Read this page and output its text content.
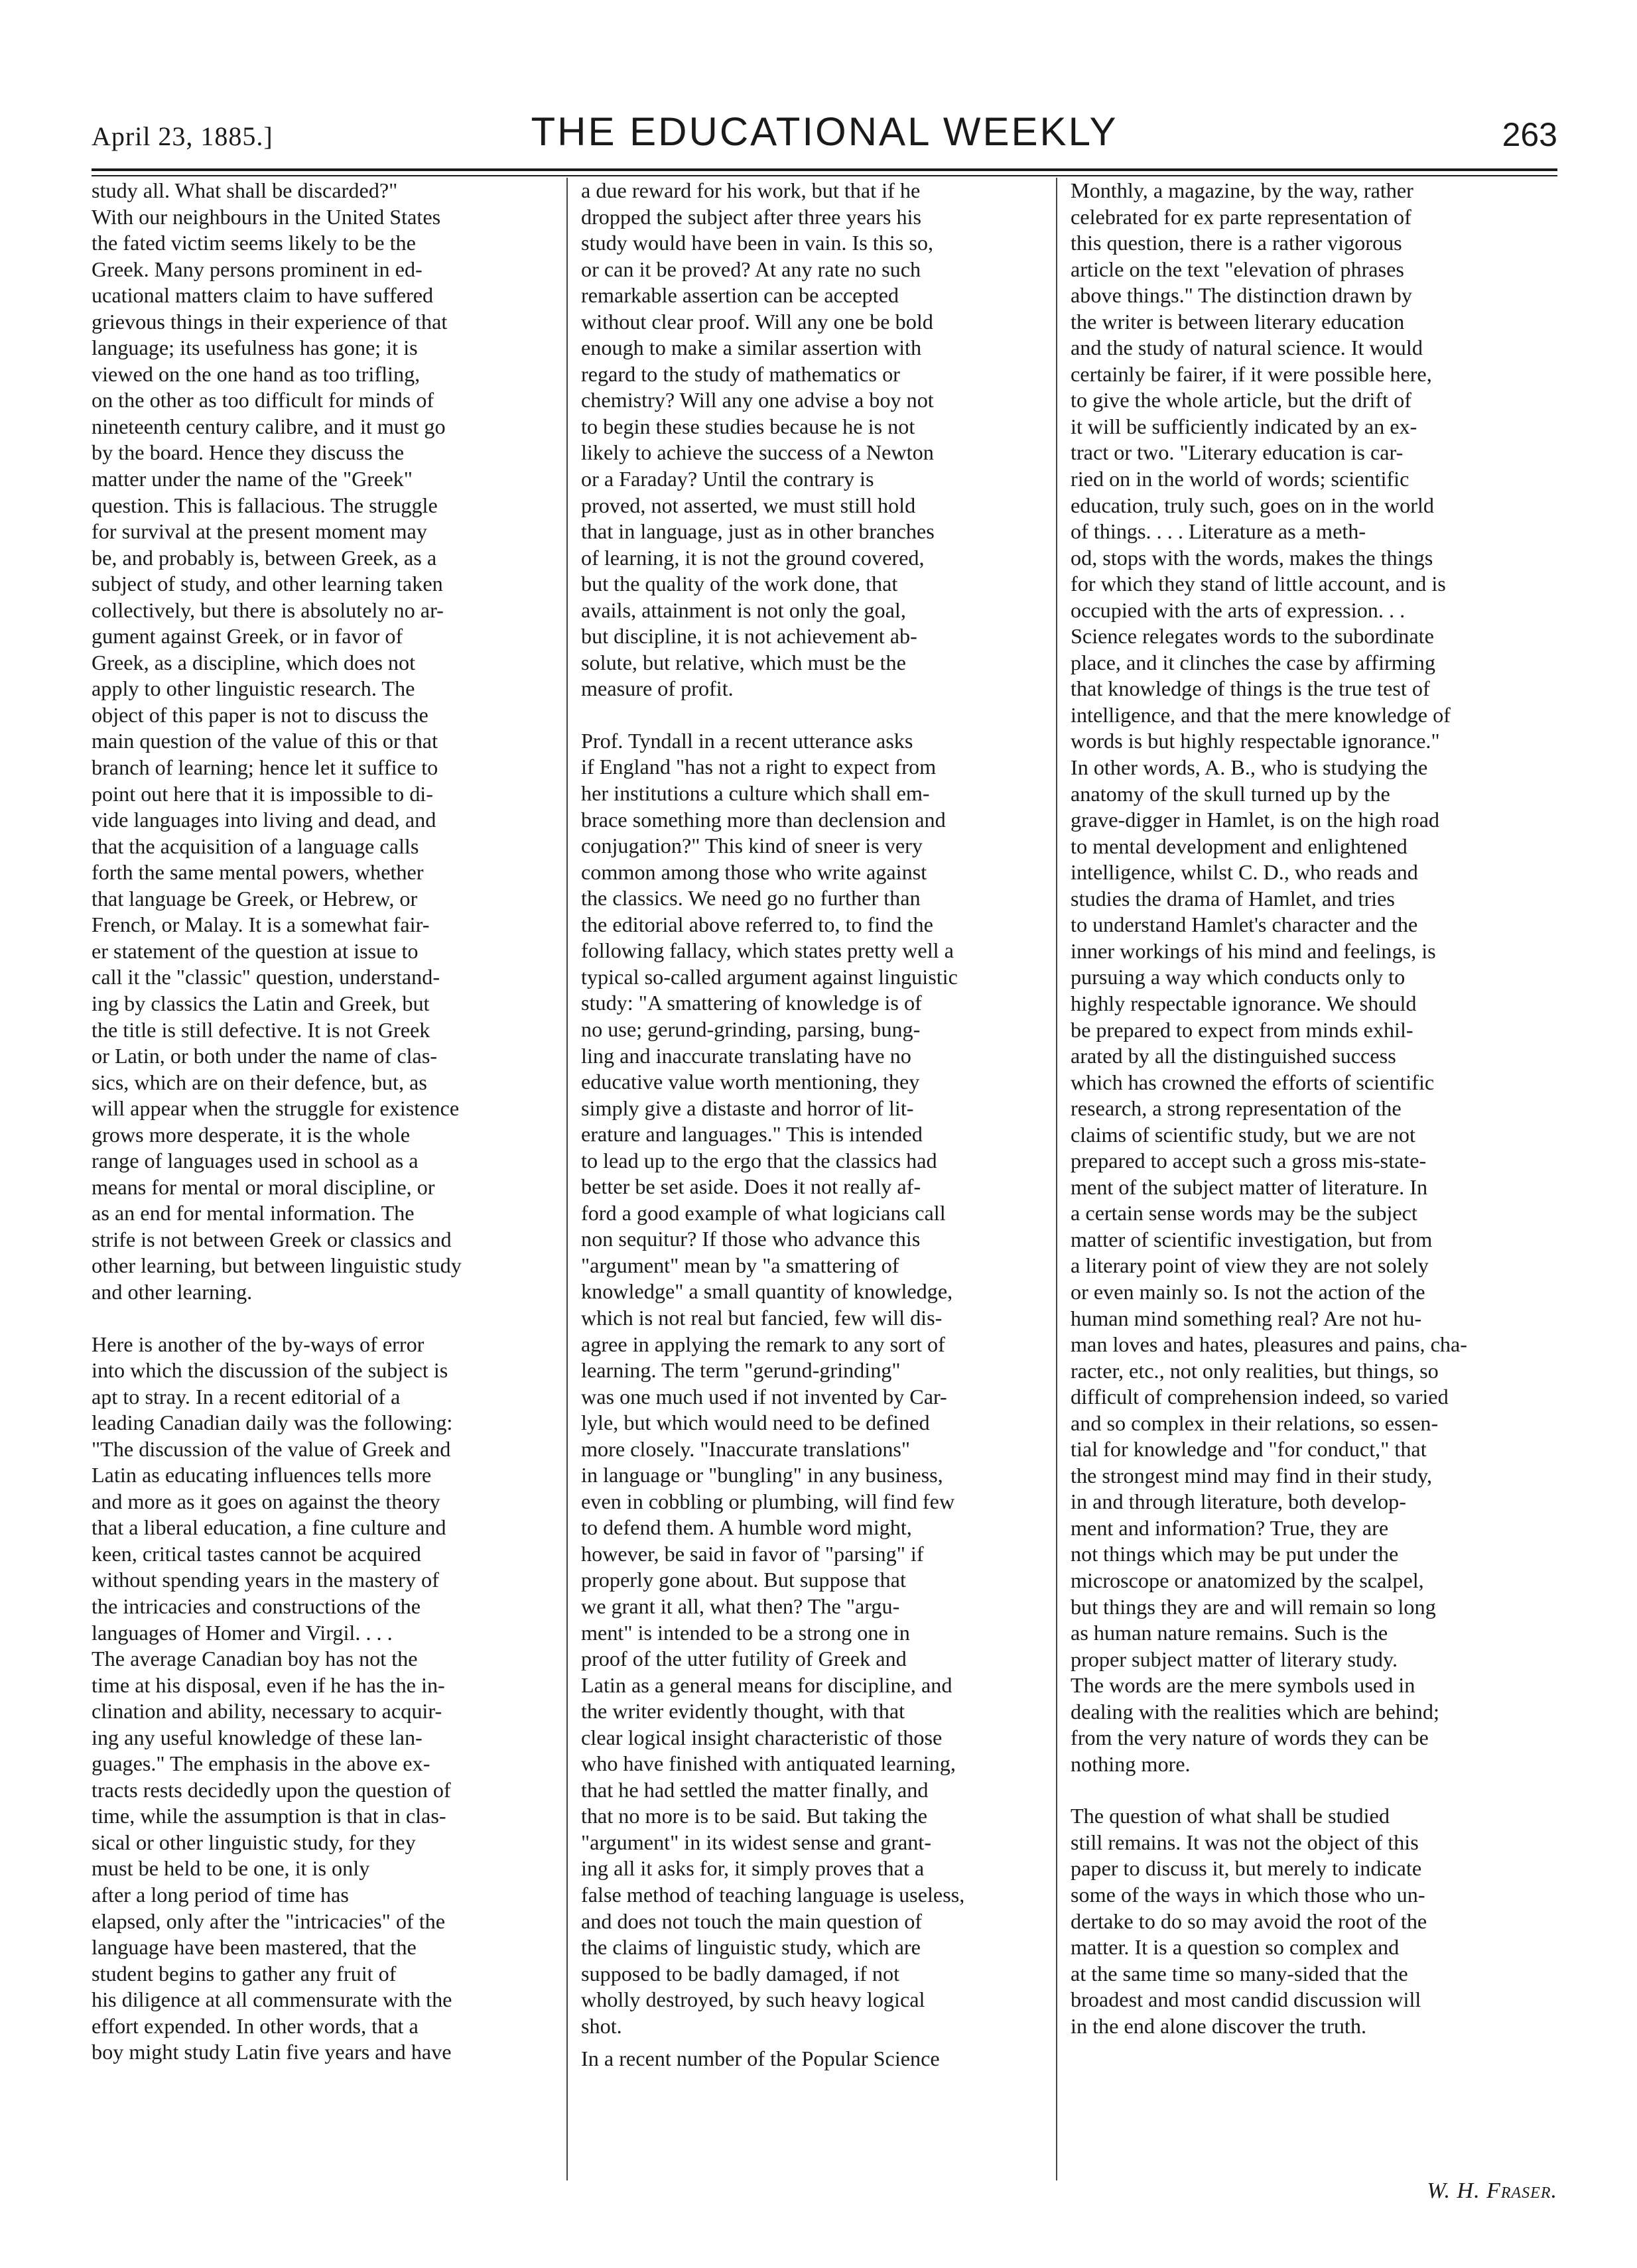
April 23, 1885.]	THE EDUCATIONAL WEEKLY	263

study all. What shall be discarded?"
With our neighbours in the United States
the fated victim seems likely to be the
Greek. Many persons prominent in ed-
ucational matters claim to have suffered
grievous things in their experience of that
language; its usefulness has gone; it is
viewed on the one hand as too trifling,
on the other as too difficult for minds of
nineteenth century calibre, and it must go
by the board. Hence they discuss the
matter under the name of the "Greek"
question. This is fallacious. The struggle
for survival at the present moment may
be, and probably is, between Greek, as a
subject of study, and other learning taken
collectively, but there is absolutely no ar-
gument against Greek, or in favor of
Greek, as a discipline, which does not
apply to other linguistic research. The
object of this paper is not to discuss the
main question of the value of this or that
branch of learning; hence let it suffice to
point out here that it is impossible to di-
vide languages into living and dead, and
that the acquisition of a language calls
forth the same mental powers, whether
that language be Greek, or Hebrew, or
French, or Malay. It is a somewhat fair-
er statement of the question at issue to
call it the "classic" question, understand-
ing by classics the Latin and Greek, but
the title is still defective. It is not Greek
or Latin, or both under the name of clas-
sics, which are on their defence, but, as
will appear when the struggle for existence
grows more desperate, it is the whole
range of languages used in school as a
means for mental or moral discipline, or
as an end for mental information. The
strife is not between Greek or classics and
other learning, but between linguistic study
and other learning.

Here is another of the by-ways of error
into which the discussion of the subject is
apt to stray. In a recent editorial of a
leading Canadian daily was the following:
"The discussion of the value of Greek and
Latin as educating influences tells more
and more as it goes on against the theory
that a liberal education, a fine culture and
keen, critical tastes cannot be acquired
without spending years in the mastery of
the intricacies and constructions of the
languages of Homer and Virgil. . . .
The average Canadian boy has not the
time at his disposal, even if he has the in-
clination and ability, necessary to acquir-
ing any useful knowledge of these lan-
guages." The emphasis in the above ex-
tracts rests decidedly upon the question of
time, while the assumption is that in clas-
sical or other linguistic study, for they
must be held to be one, it is only
after a long period of time has
elapsed, only after the "intricacies" of the
language have been mastered, that the
student begins to gather any fruit of
his diligence at all commensurate with the
effort expended. In other words, that a
boy might study Latin five years and have

a due reward for his work, but that if he
dropped the subject after three years his
study would have been in vain. Is this so,
or can it be proved? At any rate no such
remarkable assertion can be accepted
without clear proof. Will any one be bold
enough to make a similar assertion with
regard to the study of mathematics or
chemistry? Will any one advise a boy not
to begin these studies because he is not
likely to achieve the success of a Newton
or a Faraday? Until the contrary is
proved, not asserted, we must still hold
that in language, just as in other branches
of learning, it is not the ground covered,
but the quality of the work done, that
avails, attainment is not only the goal,
but discipline, it is not achievement ab-
solute, but relative, which must be the
measure of profit.

Prof. Tyndall in a recent utterance asks
if England "has not a right to expect from
her institutions a culture which shall em-
brace something more than declension and
conjugation?" This kind of sneer is very
common among those who write against
the classics. We need go no further than
the editorial above referred to, to find the
following fallacy, which states pretty well a
typical so-called argument against linguistic
study: "A smattering of knowledge is of
no use; gerund-grinding, parsing, bung-
ling and inaccurate translating have no
educative value worth mentioning, they
simply give a distaste and horror of lit-
erature and languages." This is intended
to lead up to the ergo that the classics had
better be set aside. Does it not really af-
ford a good example of what logicians call
non sequitur? If those who advance this
"argument" mean by "a smattering of
knowledge" a small quantity of knowledge,
which is not real but fancied, few will dis-
agree in applying the remark to any sort of
learning. The term "gerund-grinding"
was one much used if not invented by Car-
lyle, but which would need to be defined
more closely. "Inaccurate translations"
in language or "bungling" in any business,
even in cobbling or plumbing, will find few
to defend them. A humble word might,
however, be said in favor of "parsing" if
properly gone about. But suppose that
we grant it all, what then? The "argu-
ment" is intended to be a strong one in
proof of the utter futility of Greek and
Latin as a general means for discipline, and
the writer evidently thought, with that
clear logical insight characteristic of those
who have finished with antiquated learning,
that he had settled the matter finally, and
that no more is to be said. But taking the
"argument" in its widest sense and grant-
ing all it asks for, it simply proves that a
false method of teaching language is useless,
and does not touch the main question of
the claims of linguistic study, which are
supposed to be badly damaged, if not
wholly destroyed, by such heavy logical
shot.

In a recent number of the Popular Science

Monthly, a magazine, by the way, rather
celebrated for ex parte representation of
this question, there is a rather vigorous
article on the text "elevation of phrases
above things." The distinction drawn by
the writer is between literary education
and the study of natural science. It would
certainly be fairer, if it were possible here,
to give the whole article, but the drift of
it will be sufficiently indicated by an ex-
tract or two. "Literary education is car-
ried on in the world of words; scientific
education, truly such, goes on in the world
of things. . . . Literature as a meth-
od, stops with the words, makes the things
for which they stand of little account, and is
occupied with the arts of expression. . .
Science relegates words to the subordinate
place, and it clinches the case by affirming
that knowledge of things is the true test of
intelligence, and that the mere knowledge of
words is but highly respectable ignorance."
In other words, A. B., who is studying the
anatomy of the skull turned up by the
grave-digger in Hamlet, is on the high road
to mental development and enlightened
intelligence, whilst C. D., who reads and
studies the drama of Hamlet, and tries
to understand Hamlet's character and the
inner workings of his mind and feelings, is
pursuing a way which conducts only to
highly respectable ignorance. We should
be prepared to expect from minds exhil-
arated by all the distinguished success
which has crowned the efforts of scientific
research, a strong representation of the
claims of scientific study, but we are not
prepared to accept such a gross mis-state-
ment of the subject matter of literature. In
a certain sense words may be the subject
matter of scientific investigation, but from
a literary point of view they are not solely
or even mainly so. Is not the action of the
human mind something real? Are not hu-
man loves and hates, pleasures and pains, cha-
racter, etc., not only realities, but things, so
difficult of comprehension indeed, so varied
and so complex in their relations, so essen-
tial for knowledge and "for conduct," that
the strongest mind may find in their study,
in and through literature, both develop-
ment and information? True, they are
not things which may be put under the
microscope or anatomized by the scalpel,
but things they are and will remain so long
as human nature remains. Such is the
proper subject matter of literary study.
The words are the mere symbols used in
dealing with the realities which are behind;
from the very nature of words they can be
nothing more.

The question of what shall be studied
still remains. It was not the object of this
paper to discuss it, but merely to indicate
some of the ways in which those who un-
dertake to do so may avoid the root of the
matter. It is a question so complex and
at the same time so many-sided that the
broadest and most candid discussion will
in the end alone discover the truth.

W. H. Fraser.
